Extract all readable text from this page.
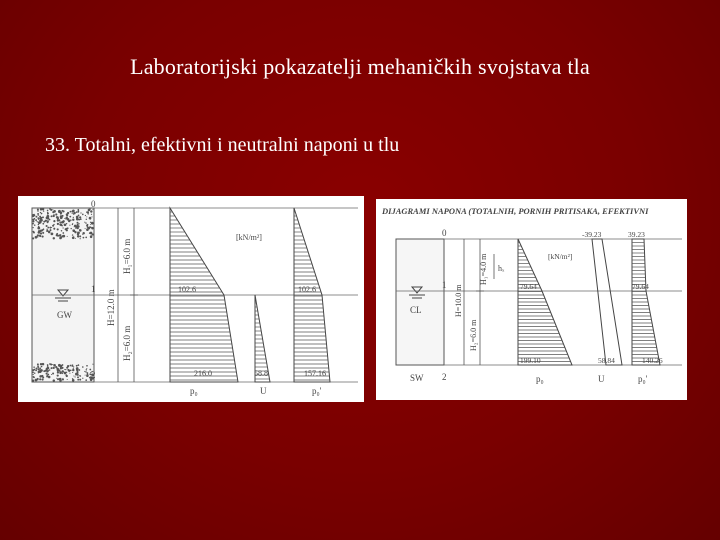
Laboratorijski pokazatelji mehaničkih svojstava tla
33. Totalni, efektivni i neutralni naponi u tlu
GW
0
1
2
H=12.0 m
H₁=6.0 m
H₂=6.0 m
[kN/m²]
102.6	102.6
216.0	58.8	157.16
p₀	U	p₀'
DIJAGRAMI NAPONA (TOTALNIH, PORNIH PRITISAKA, EFEKTIVNI
CL
SW
0
1
2
H=10.0 m
H₁=4.0 m
H₂=6.0 m
hₓ
[kN/m²]
-39.23	39.23
79.64	79.64
199.10	58.84	140.26
p₀	U	p₀'
